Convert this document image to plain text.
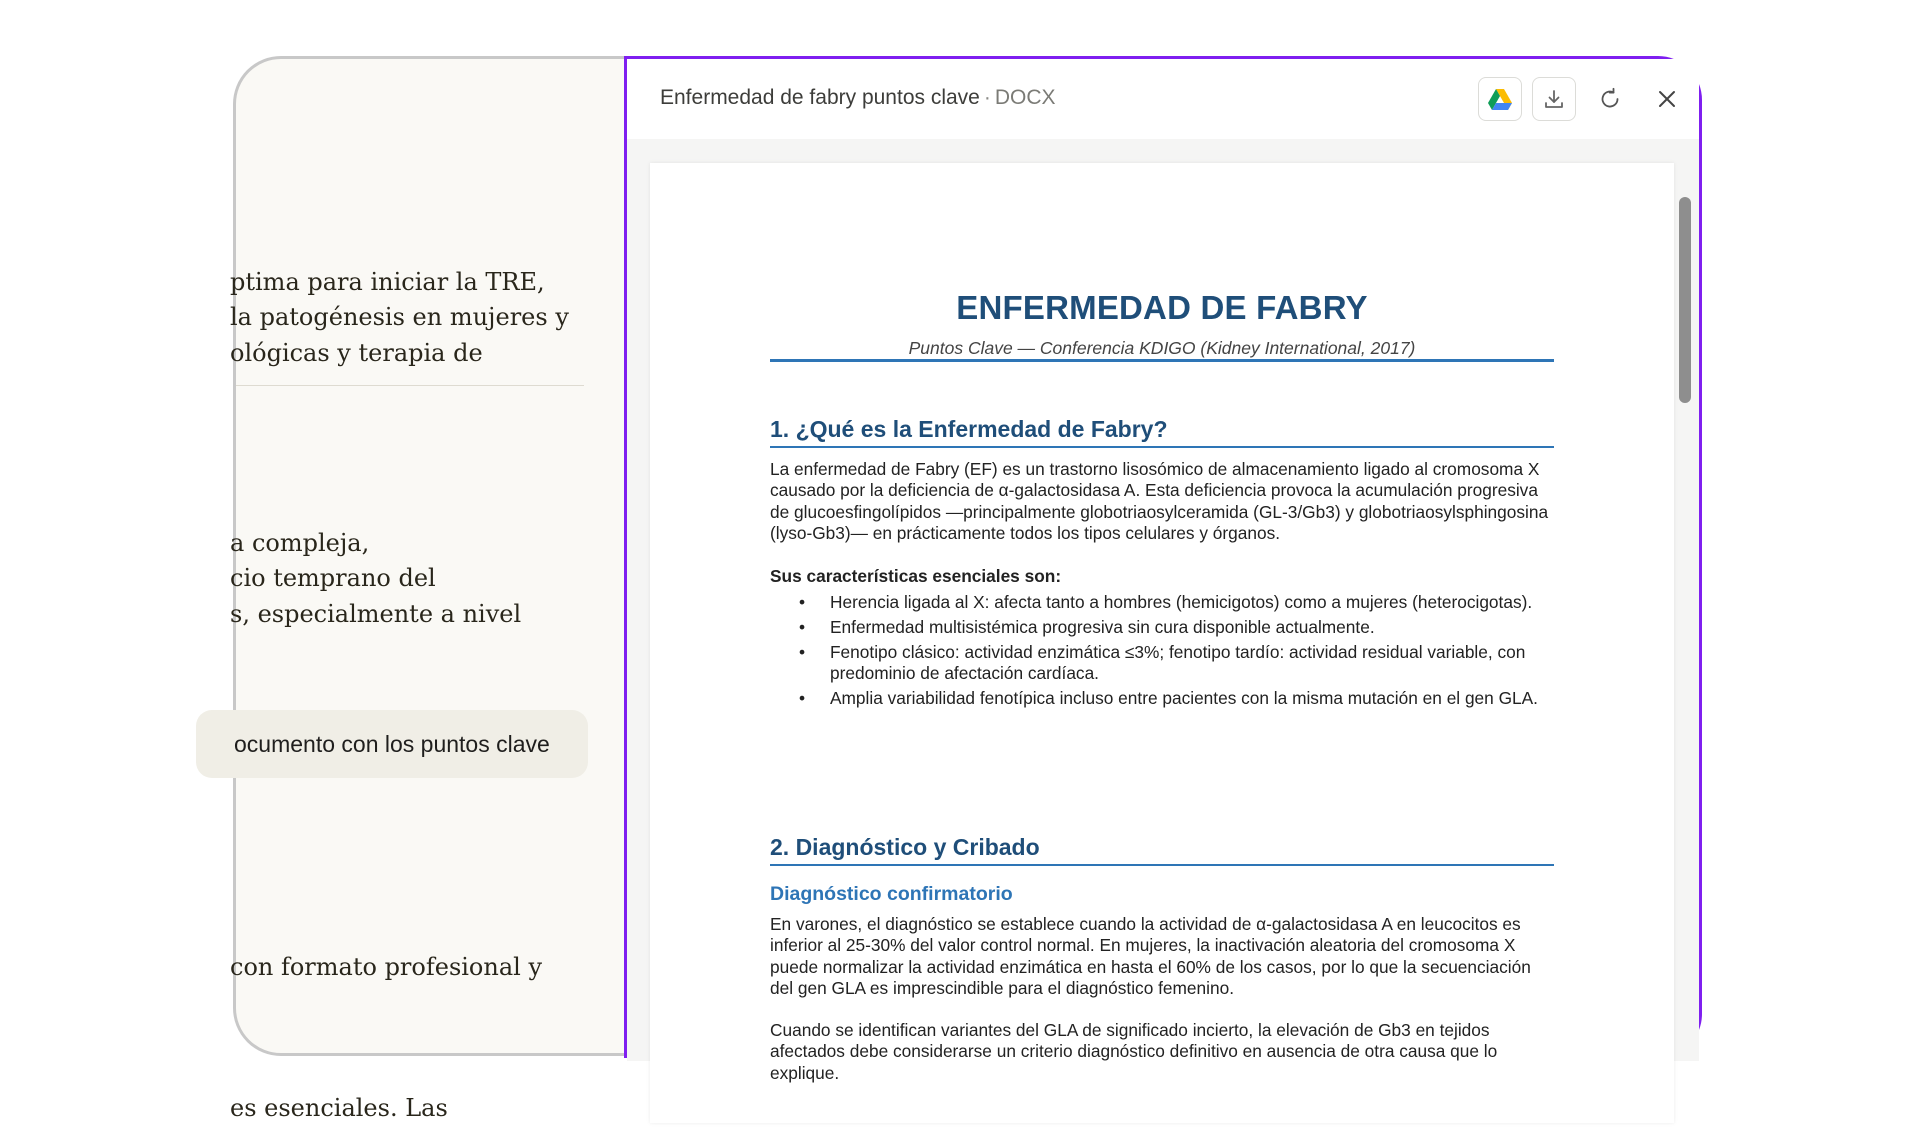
ptima para iniciar la TRE,

la patogénesis en mujeres y

ológicas y terapia de

a compleja,

cio temprano del

s, especialmente a nivel

ocumento con los puntos clave

con formato profesional y

es esenciales. Las

Enfermedad de fabry puntos clave · DOCX
ENFERMEDAD DE FABRY
Puntos Clave — Conferencia KDIGO (Kidney International, 2017)
1. ¿Qué es la Enfermedad de Fabry?
La enfermedad de Fabry (EF) es un trastorno lisosómico de almacenamiento ligado al cromosoma X causado por la deficiencia de α-galactosidasa A. Esta deficiencia provoca la acumulación progresiva de glucoesfingolípidos —principalmente globotriaosylceramida (GL-3/Gb3) y globotriaosylsphingosina (lyso-Gb3)— en prácticamente todos los tipos celulares y órganos.
Sus características esenciales son:
• Herencia ligada al X: afecta tanto a hombres (hemicigotos) como a mujeres (heterocigotas).
• Enfermedad multisistémica progresiva sin cura disponible actualmente.
• Fenotipo clásico: actividad enzimática ≤3%; fenotipo tardío: actividad residual variable, con predominio de afectación cardíaca.
• Amplia variabilidad fenotípica incluso entre pacientes con la misma mutación en el gen GLA.
2. Diagnóstico y Cribado
Diagnóstico confirmatorio
En varones, el diagnóstico se establece cuando la actividad de α-galactosidasa A en leucocitos es inferior al 25-30% del valor control normal. En mujeres, la inactivación aleatoria del cromosoma X puede normalizar la actividad enzimática en hasta el 60% de los casos, por lo que la secuenciación del gen GLA es imprescindible para el diagnóstico femenino.
Cuando se identifican variantes del GLA de significado incierto, la elevación de Gb3 en tejidos afectados debe considerarse un criterio diagnóstico definitivo en ausencia de otra causa que lo explique.
